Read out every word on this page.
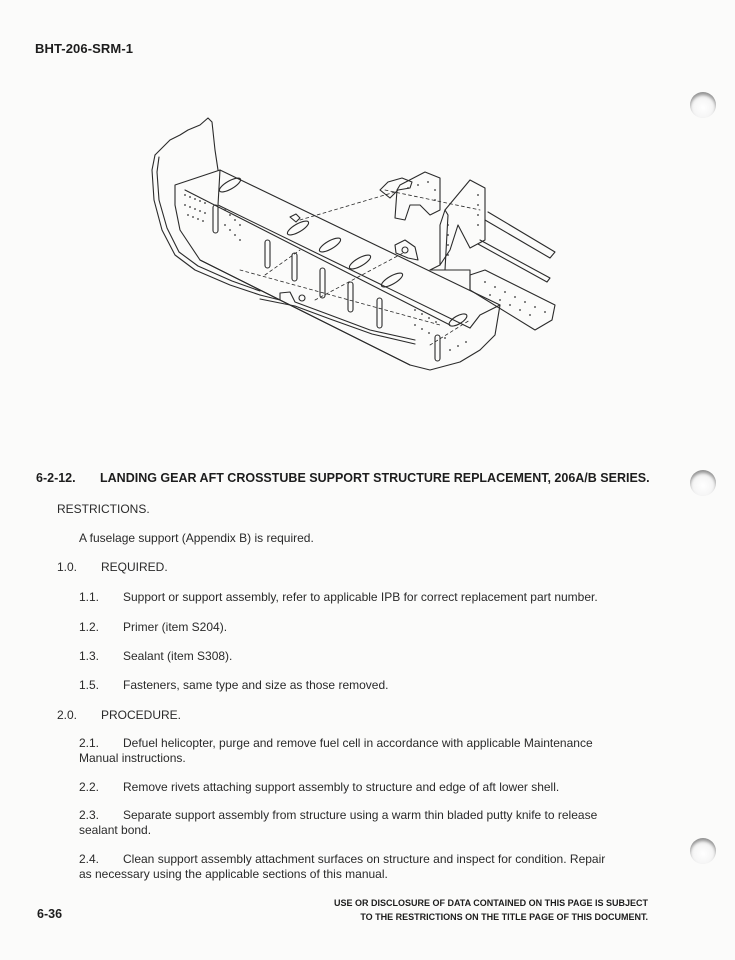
BHT-206-SRM-1
6-2-12. LANDING GEAR AFT CROSSTUBE SUPPORT STRUCTURE REPLACEMENT, 206A/B SERIES.
RESTRICTIONS.
A fuselage support (Appendix B) is required.
1.0. REQUIRED.
1.1. Support or support assembly, refer to applicable IPB for correct replacement part number.
1.2. Primer (item S204).
1.3. Sealant (item S308).
1.5. Fasteners, same type and size as those removed.
2.0. PROCEDURE.
2.1. Defuel helicopter, purge and remove fuel cell in accordance with applicable Maintenance
Manual instructions.
2.2. Remove rivets attaching support assembly to structure and edge of aft lower shell.
2.3. Separate support assembly from structure using a warm thin bladed putty knife to release
sealant bond.
2.4. Clean support assembly attachment surfaces on structure and inspect for condition. Repair
as necessary using the applicable sections of this manual.
6-36
USE OR DISCLOSURE OF DATA CONTAINED ON THIS PAGE IS SUBJECT
TO THE RESTRICTIONS ON THE TITLE PAGE OF THIS DOCUMENT.
